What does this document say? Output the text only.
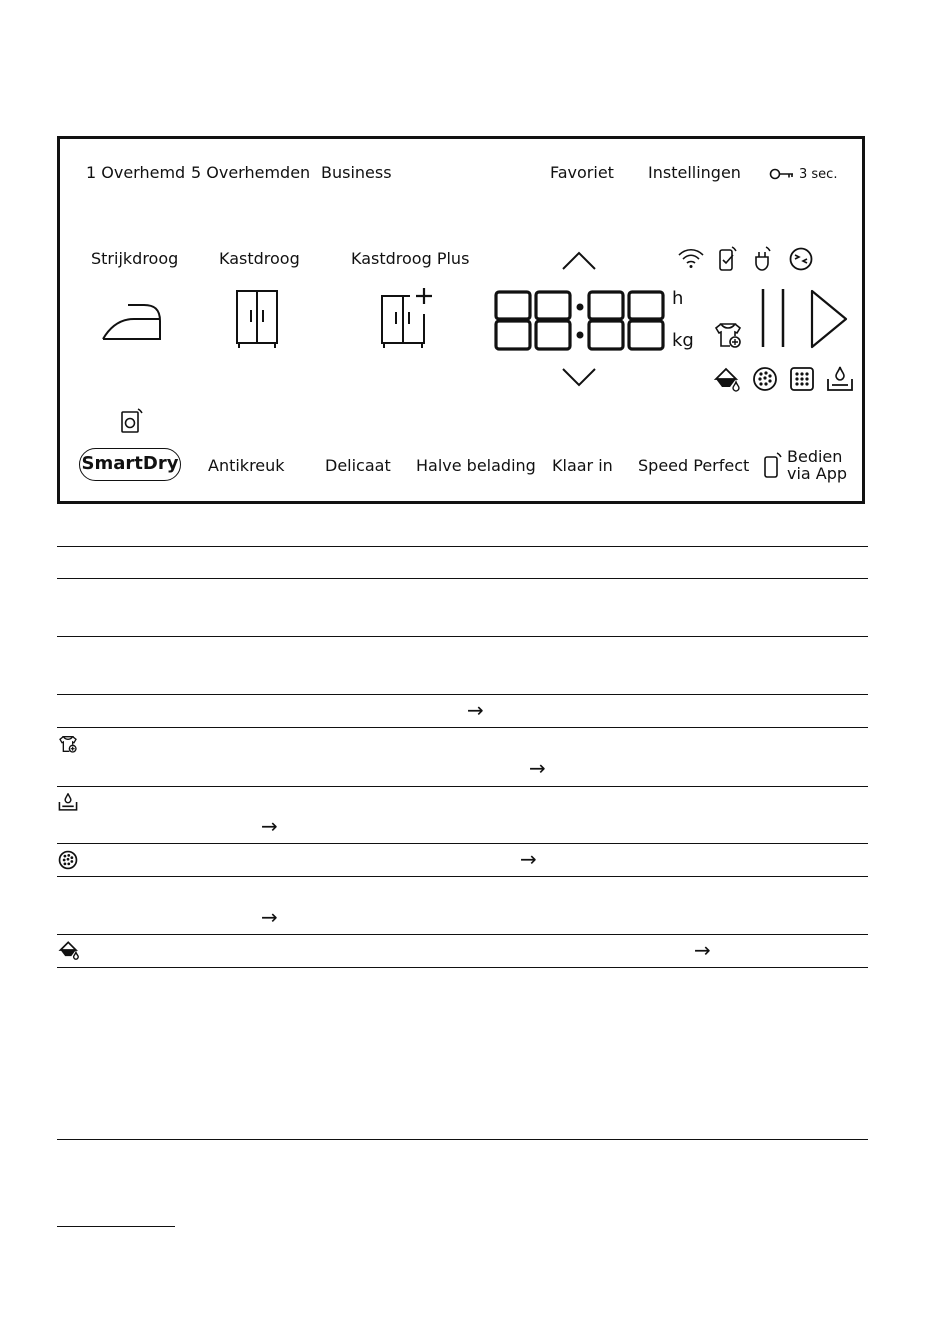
1 Overhemd 5 Overhemden Business	Favoriet Instellingen	3 sec.
Strijkdroog	Kastdroog	Kastdroog Plus
h
kg
SmartDry Antikreuk	Delicaat Halve belading Klaar in Speed Perfect Bedien
via App
→
→
→
→
→
→
